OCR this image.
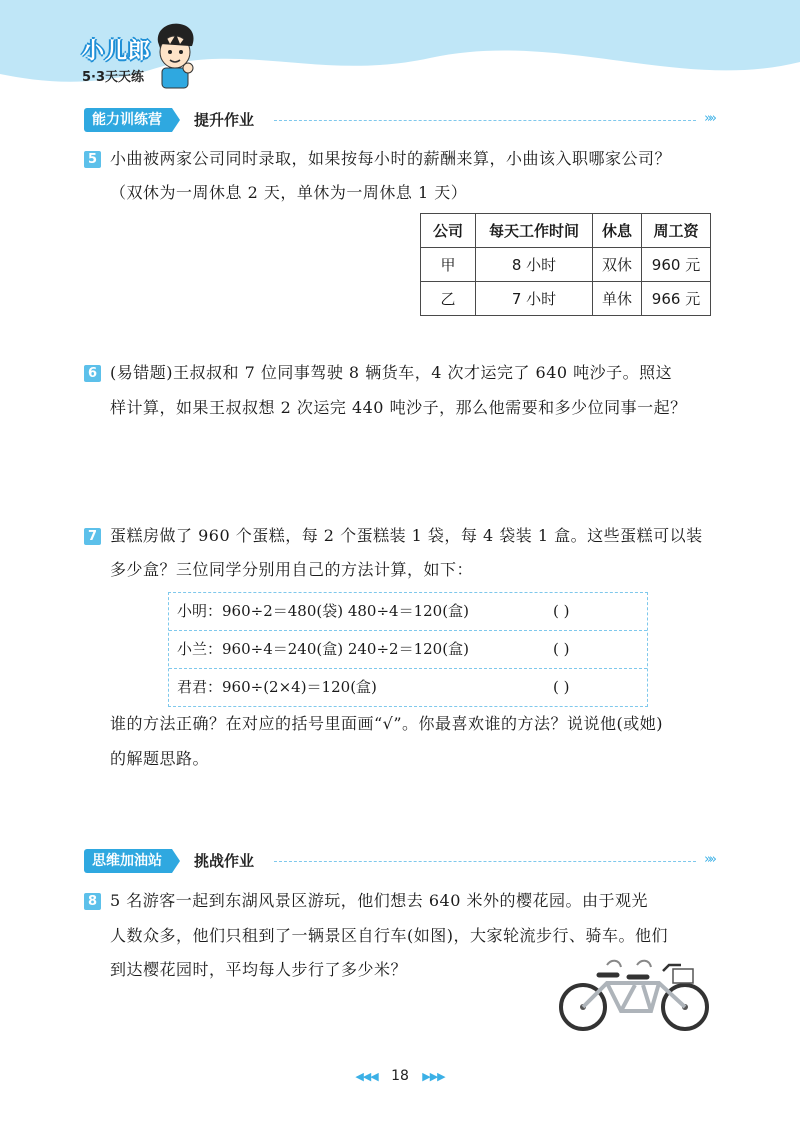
小儿郎
5·3天天练
能力训练营	提升作业	»»
5 小曲被两家公司同时录取，如果按每小时的薪酬来算，小曲该入职哪家公司？
（双休为一周休息 2 天，单休为一周休息 1 天）
公司	每天工作时间	休息	周工资
甲	8 小时	双休	960 元
乙	7 小时	单休	966 元
6 (易错题)王叔叔和 7 位同事驾驶 8 辆货车，4 次才运完了 640 吨沙子。照这
样计算，如果王叔叔想 2 次运完 440 吨沙子，那么他需要和多少位同事一起？
7 蛋糕房做了 960 个蛋糕，每 2 个蛋糕装 1 袋，每 4 袋装 1 盒。这些蛋糕可以装
多少盒？三位同学分别用自己的方法计算，如下：
小明：960÷2＝480(袋) 480÷4＝120(盒)	( )
小兰：960÷4＝240(盒) 240÷2＝120(盒)	( )
君君：960÷(2×4)＝120(盒)	( )
谁的方法正确？在对应的括号里面画“√”。你最喜欢谁的方法？说说他(或她)
的解题思路。
思维加油站	挑战作业	»»
8 5 名游客一起到东湖风景区游玩，他们想去 640 米外的樱花园。由于观光
人数众多，他们只租到了一辆景区自行车(如图)，大家轮流步行、骑车。他们
到达樱花园时，平均每人步行了多少米？
◀◀◀ 18 ▶▶▶
